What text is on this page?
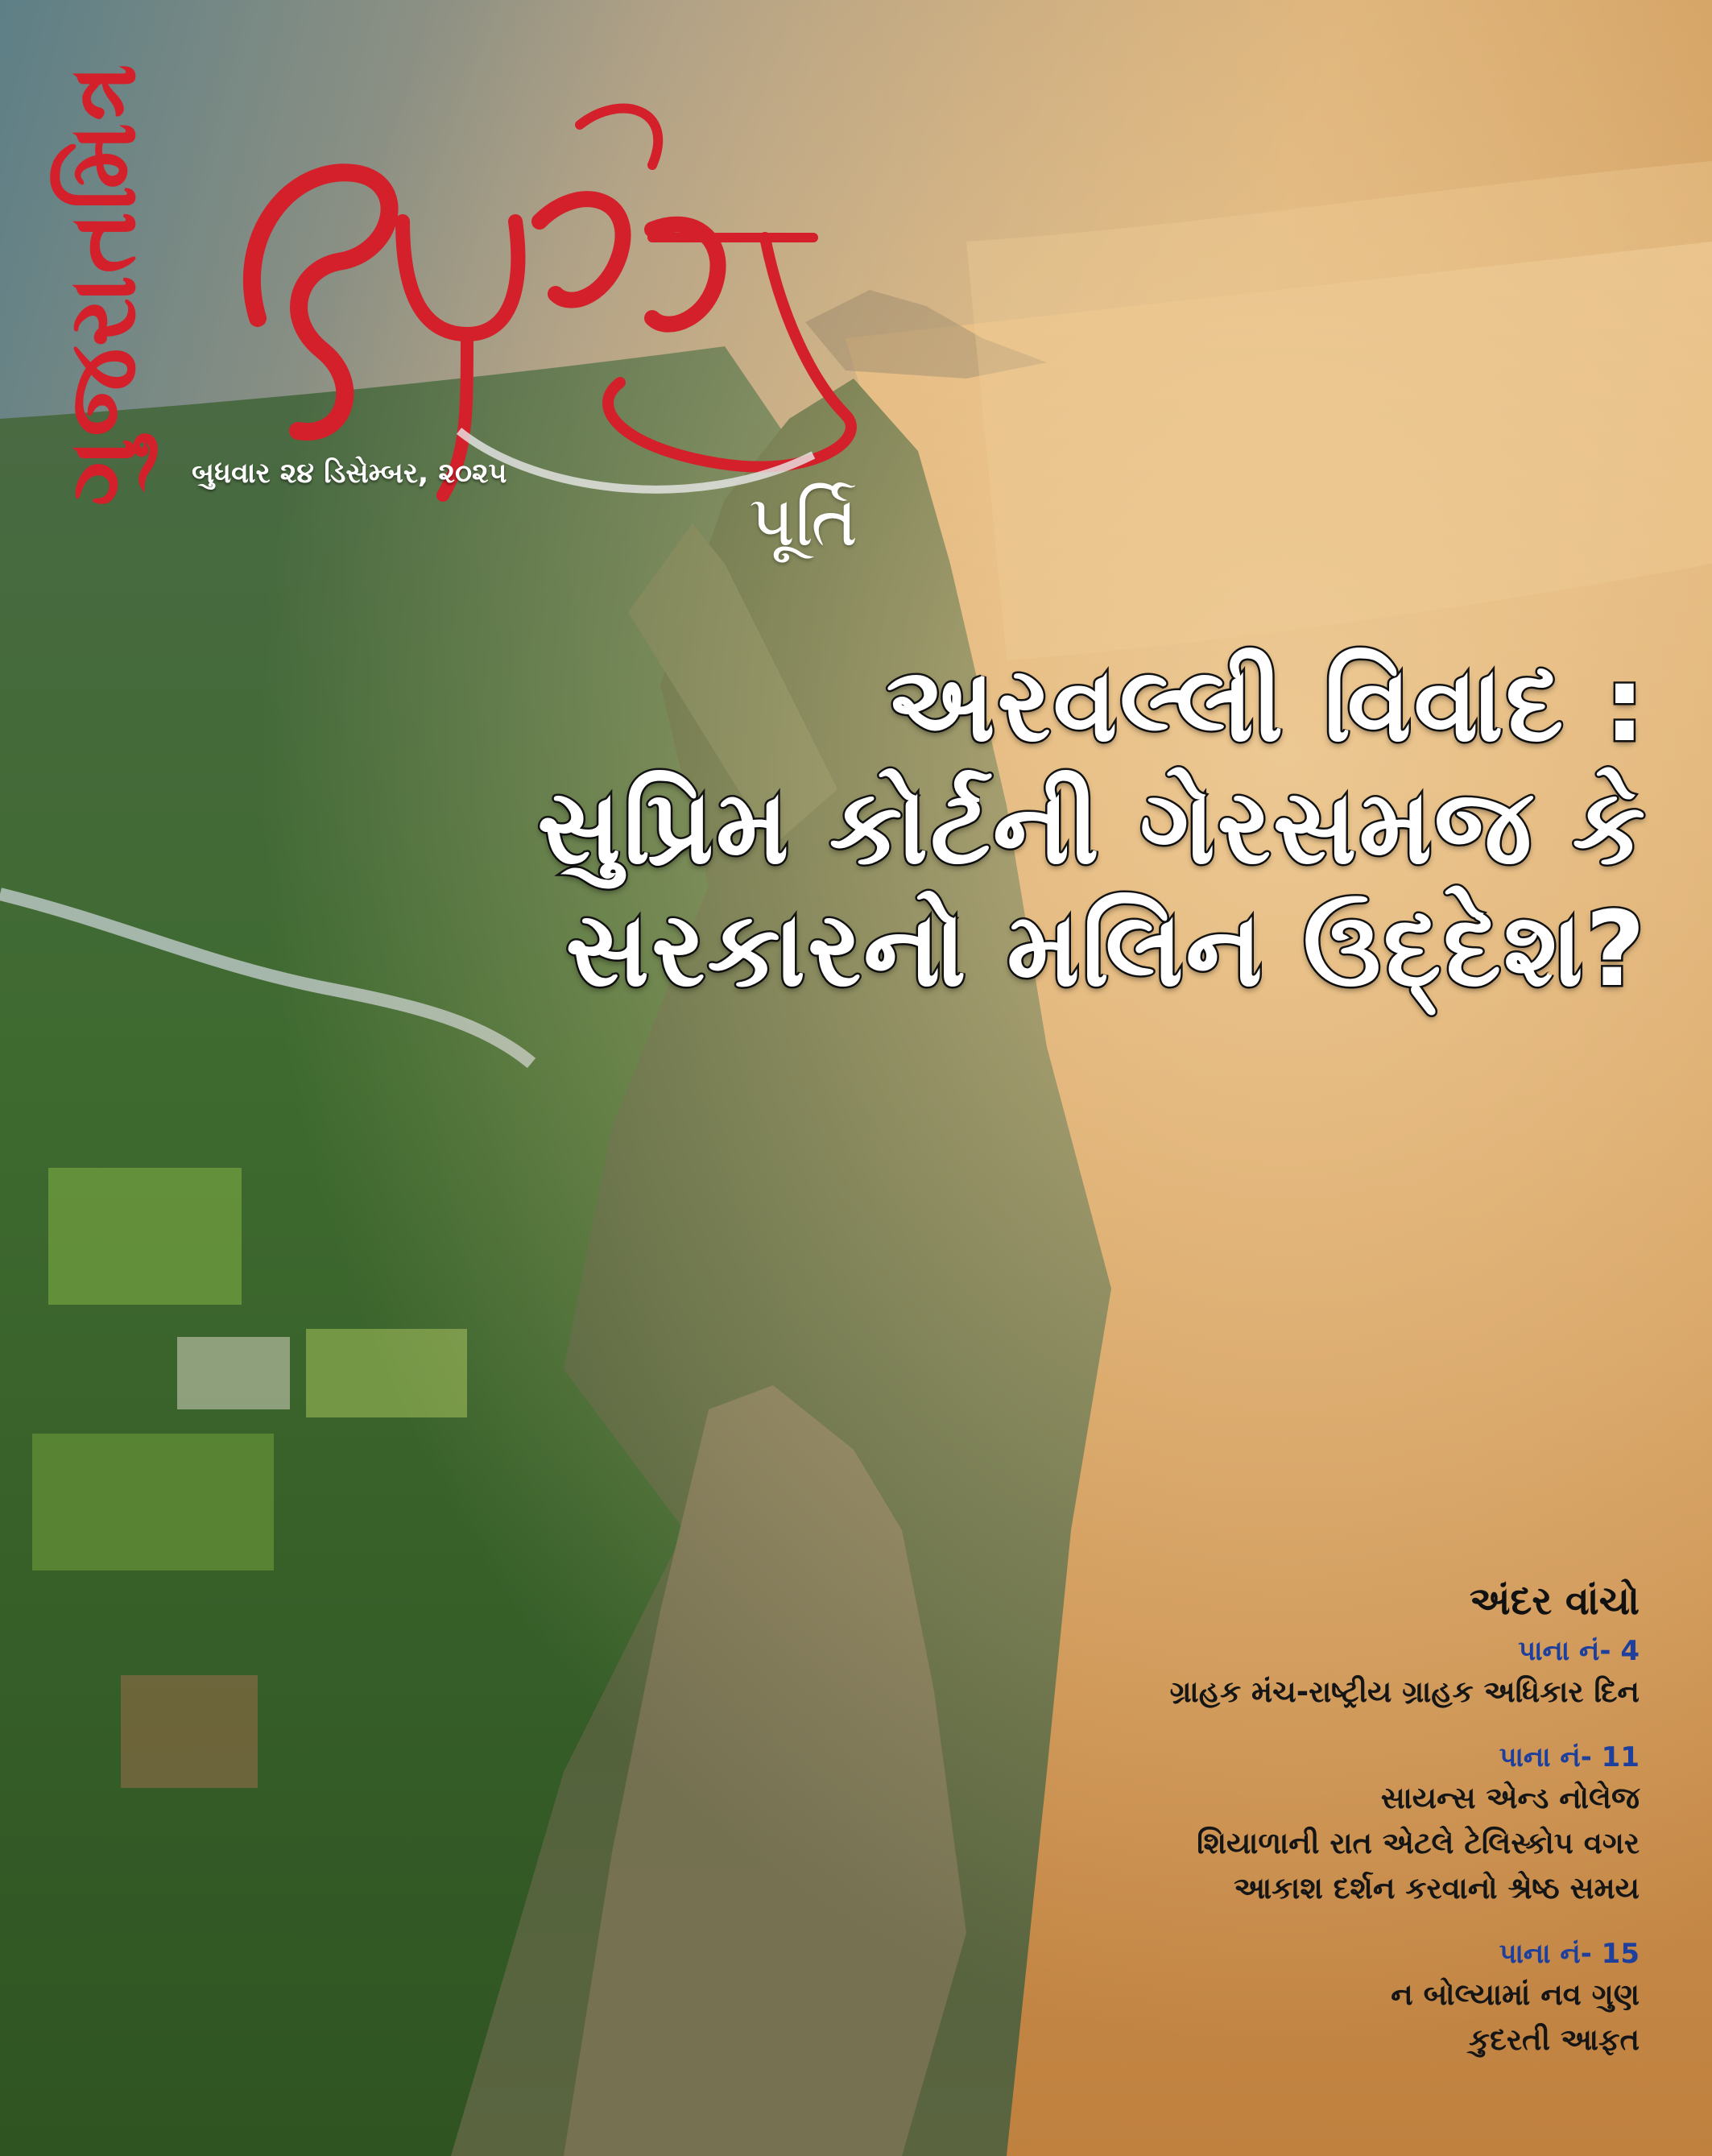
ગુજરાતમિત્ર
પૂર્તિ
બુધવાર ૨૪ ડિસેમ્બર, ૨૦૨૫
અરવલ્લી વિવાદ :
સુપ્રિમ કોર્ટની ગેરસમજ કે
સરકારનો મલિન ઉદ્દેશ?
અંદર વાંચો
પાના નં- 4
ગ્રાહક મંચ-રાષ્ટ્રીય ગ્રાહક અધિકાર દિન
પાના નં- 11
સાયન્સ એન્ડ નોલેજ
શિયાળાની રાત એટલે ટેલિસ્કોપ વગર
આકાશ દર્શન કરવાનો શ્રેષ્ઠ સમય
પાના નં- 15
ન બોલ્યામાં નવ ગુણ
કુદરતી આફત
